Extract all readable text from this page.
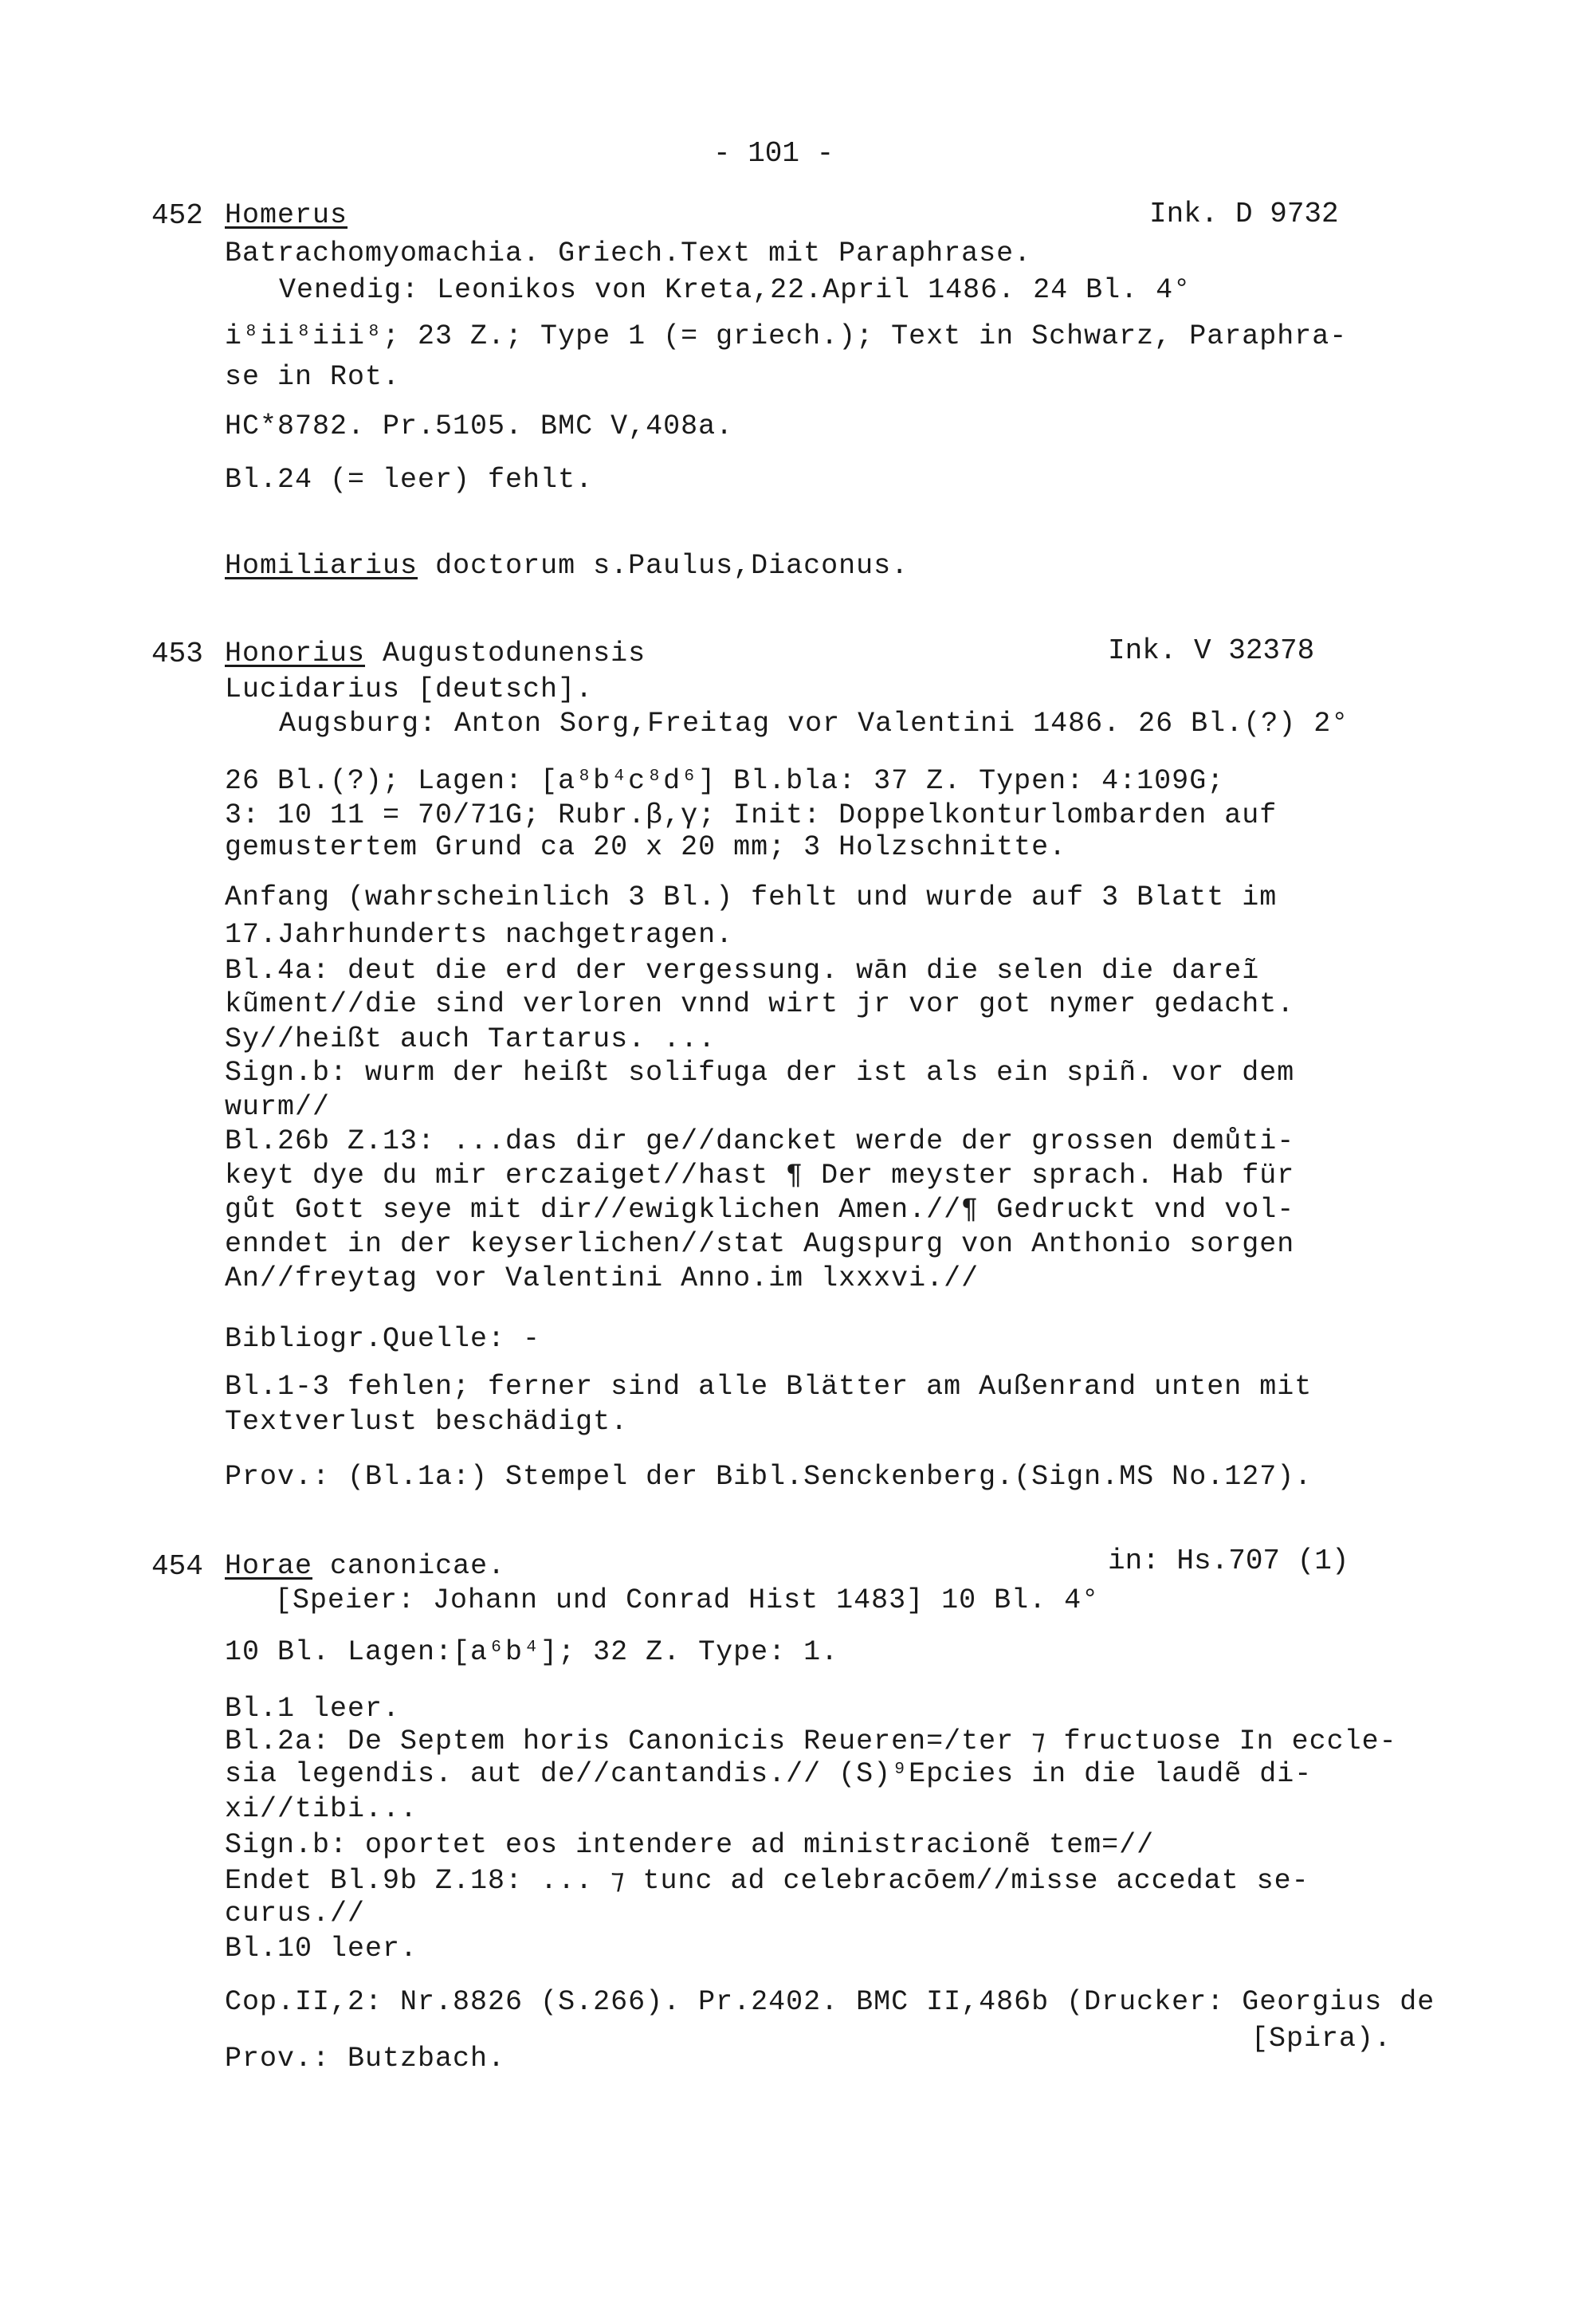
- 101 -
452 Homerus	Ink. D 9732
Batrachomyomachia. Griech.Text mit Paraphrase.
Venedig: Leonikos von Kreta,22.April 1486. 24 Bl. 4°
i⁸ii⁸iii⁸; 23 Z.; Type 1 (= griech.); Text in Schwarz, Paraphra-
se in Rot.
HC*8782. Pr.5105. BMC V,408a.
Bl.24 (= leer) fehlt.
Homiliarius doctorum s.Paulus,Diaconus.
453 Honorius Augustodunensis	Ink. V 32378
Lucidarius [deutsch].
Augsburg: Anton Sorg,Freitag vor Valentini 1486. 26 Bl.(?) 2°
26 Bl.(?); Lagen: [a⁸b⁴c⁸d⁶] Bl.bla: 37 Z. Typen: 4:109G;
3: 10 11 = 70/71G; Rubr.β,γ; Init: Doppelkonturlombarden auf
gemustertem Grund ca 20 x 20 mm; 3 Holzschnitte.
Anfang (wahrscheinlich 3 Bl.) fehlt und wurde auf 3 Blatt im
17.Jahrhunderts nachgetragen.
Bl.4a: deut die erd der vergessung. wān die selen die dareĩ
kũment//die sind verloren vnnd wirt jr vor got nymer gedacht.
Sy//heißt auch Tartarus. ...
Sign.b: wurm der heißt solifuga der ist als ein spiñ. vor dem
wurm//
Bl.26b Z.13: ...das dir ge//dancket werde der grossen demůti-
keyt dye du mir erczaiget//hast ¶ Der meyster sprach. Hab für
gůt Gott seye mit dir//ewigklichen Amen.//¶ Gedruckt vnd vol-
enndet in der keyserlichen//stat Augspurg von Anthonio sorgen
An//freytag vor Valentini Anno.im lxxxvi.//
Bibliogr.Quelle: -
Bl.1-3 fehlen; ferner sind alle Blätter am Außenrand unten mit
Textverlust beschädigt.
Prov.: (Bl.1a:) Stempel der Bibl.Senckenberg.(Sign.MS No.127).
454 Horae canonicae.	in: Hs.707 (1)
[Speier: Johann und Conrad Hist 1483] 10 Bl. 4°
10 Bl. Lagen:[a⁶b⁴]; 32 Z. Type: 1.
Bl.1 leer.
Bl.2a: De Septem horis Canonicis Reueren=/ter ⁊ fructuose In eccle-
sia legendis. aut de//cantandis.// (S)⁹Epcies in die laudẽ di-
xi//tibi...
Sign.b: oportet eos intendere ad ministracionẽ tem=//
Endet Bl.9b Z.18: ... ⁊ tunc ad celebracōem//misse accedat se-
curus.//
Bl.10 leer.
Cop.II,2: Nr.8826 (S.266). Pr.2402. BMC II,486b (Drucker: Georgius de
Prov.: Butzbach.
[Spira).
